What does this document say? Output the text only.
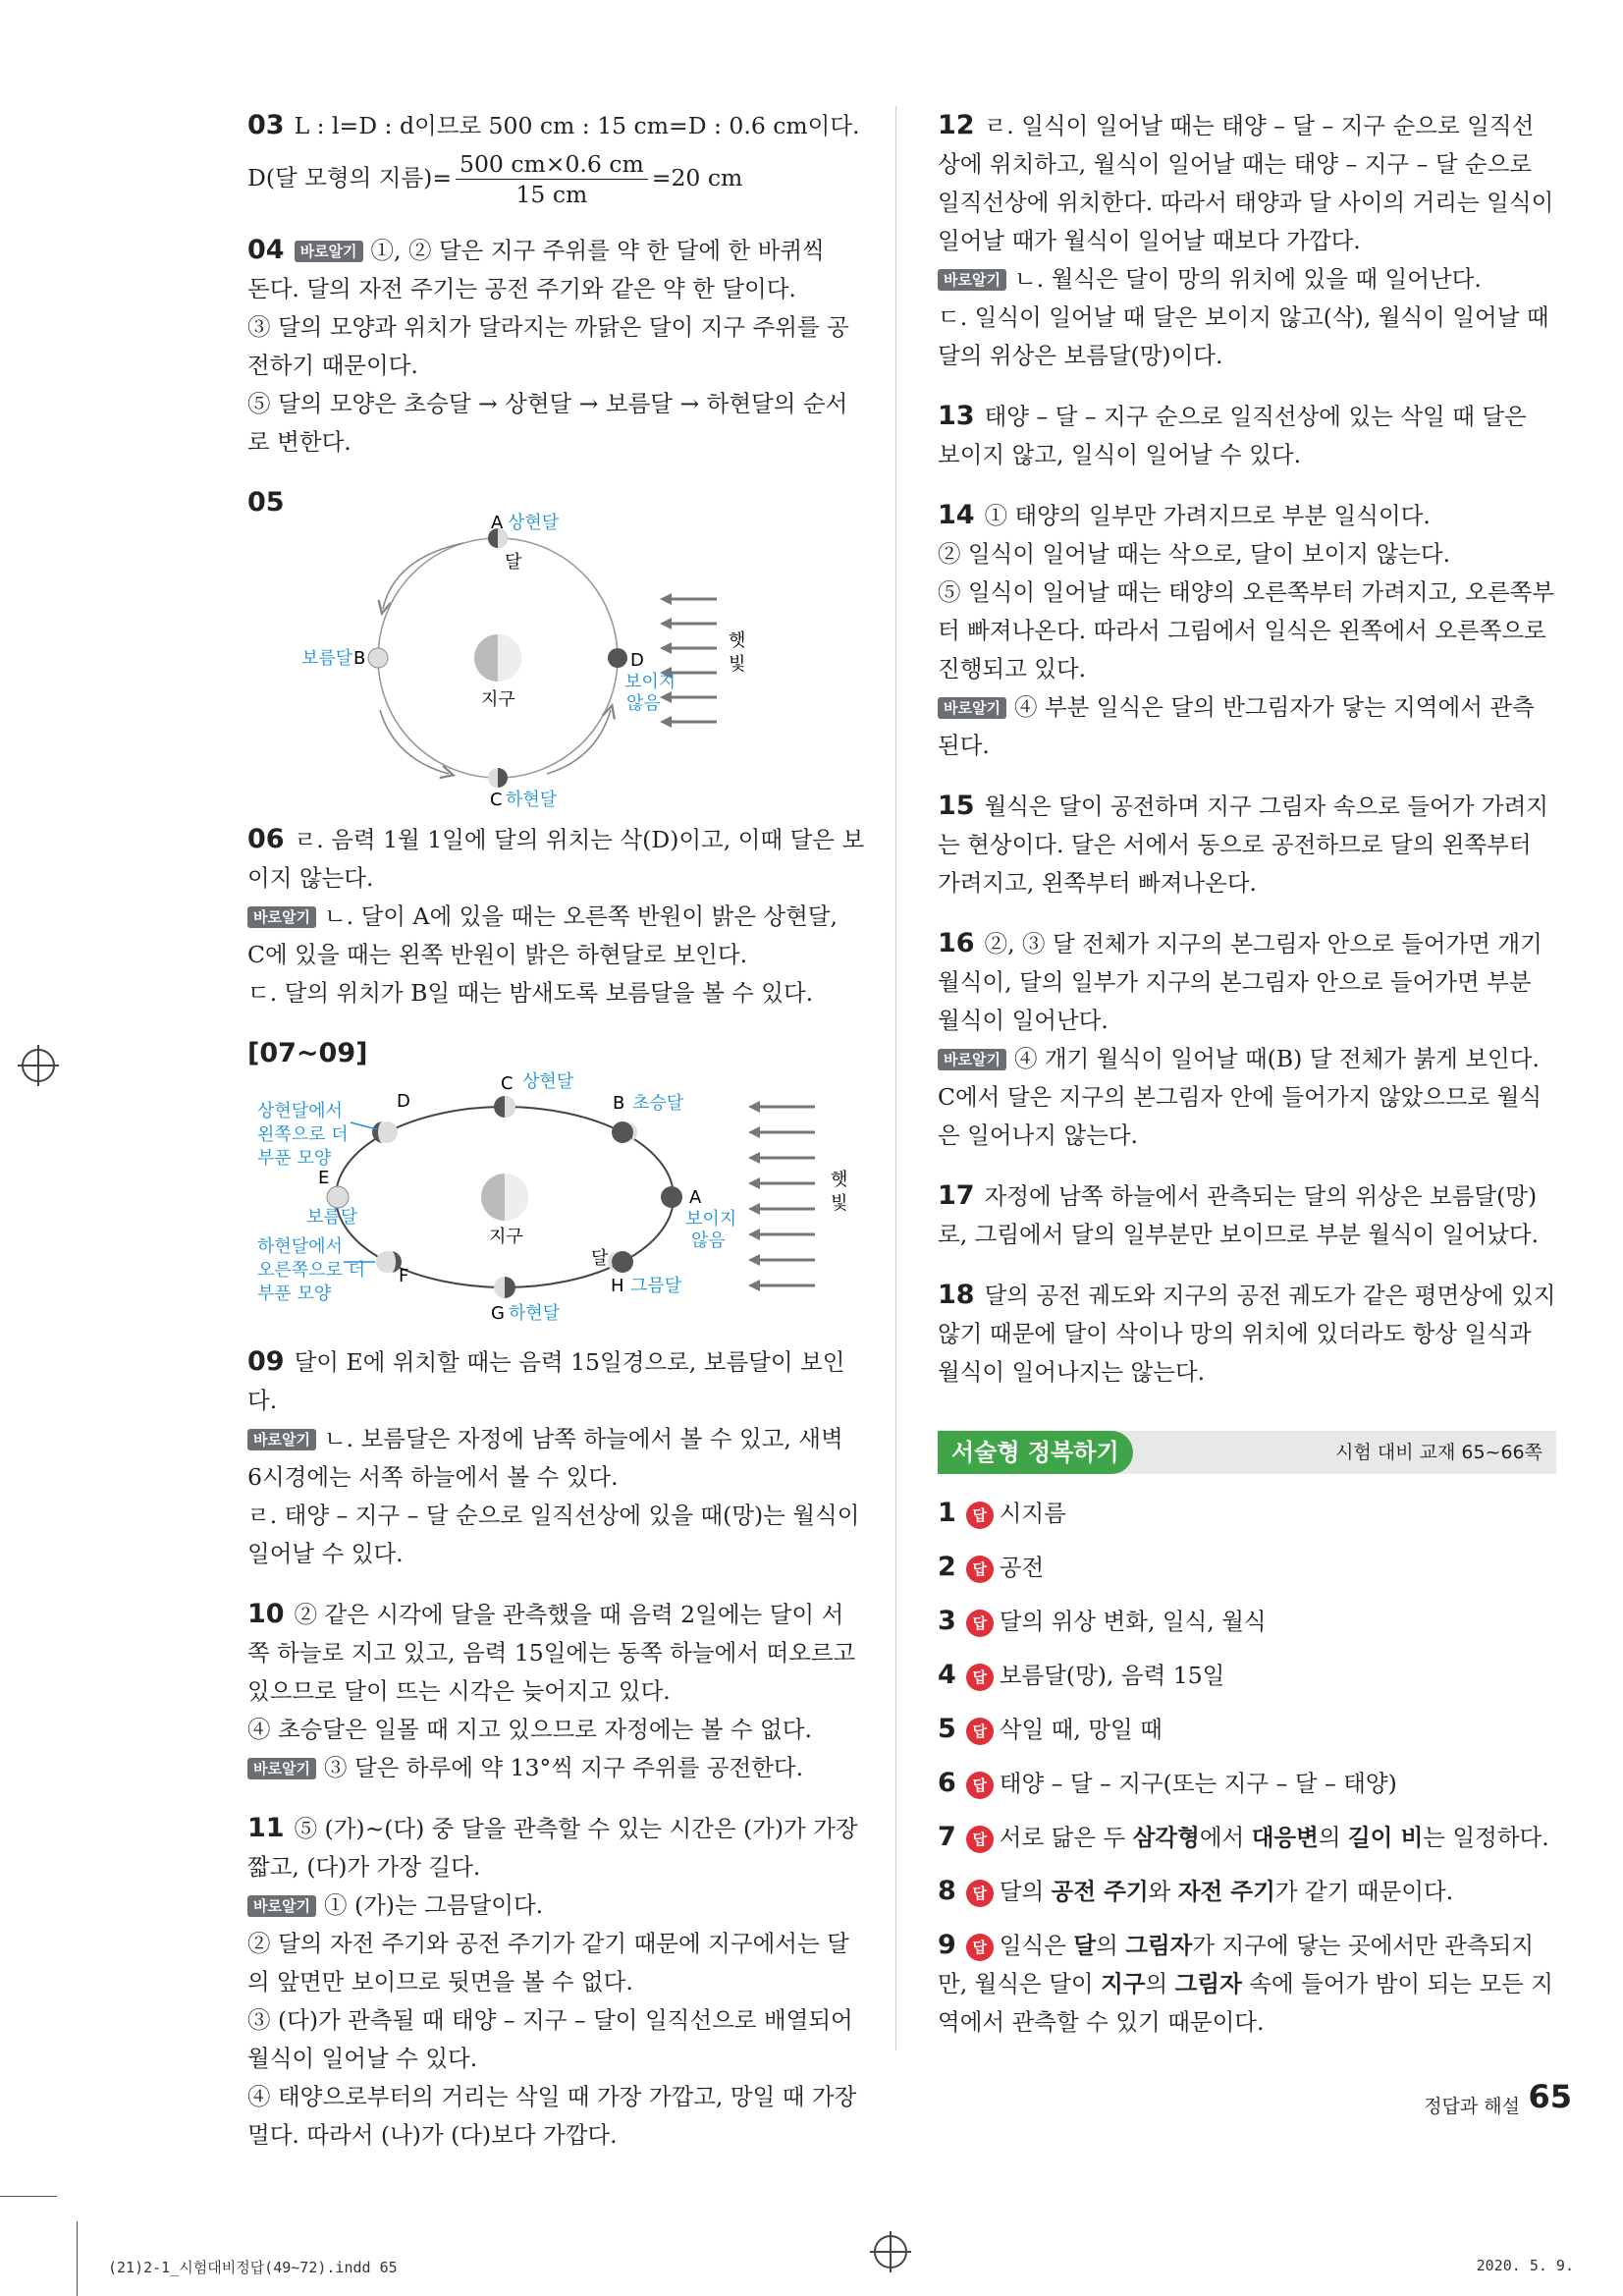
03 L : l=D : d이므로 500 cm : 15 cm=D : 0.6 cm이다.
D(달 모형의 지름)= $\frac{500 cm\times 0.6 cm}{15 cm} =20$ cm
04 바로알기 ①, ② 달은 지구 주위를 약 한 달에 한 바퀴씩
돈다. 달의 자전 주기는 공전 주기와 같은 약 한 달이다.
③ 달의 모양과 위치가 달라지는 까닭은 달이 지구 주위를 공
전하기 때문이다.
⑤ 달의 모양은 초승달 → 상현달 → 보름달 → 하현달의 순서
로 변한다.
05
A 상현달
달
보름달 B
지구
C 하현달
D
보이지
않음
햇
빛
06 ㄹ. 음력 1월 1일에 달의 위치는 삭(D)이고, 이때 달은 보
이지 않는다.
바로알기 ㄴ. 달이 A에 있을 때는 오른쪽 반원이 밝은 상현달,
C에 있을 때는 왼쪽 반원이 밝은 하현달로 보인다.
ㄷ. 달의 위치가 B일 때는 밤새도록 보름달을 볼 수 있다.
[07~09]
C 상현달
B 초승달
D
상현달에서
왼쪽으로 더
부푼 모양
E
보름달
하현달에서
오른쪽으로 더
부푼 모양
F
G 하현달
H 그믐달
달
지구
A
보이지
않음
햇
빛
09 달이 E에 위치할 때는 음력 15일경으로, 보름달이 보인다.
바로알기 ㄴ. 보름달은 자정에 남쪽 하늘에서 볼 수 있고, 새벽
6시경에는 서쪽 하늘에서 볼 수 있다.
ㄹ. 태양 – 지구 – 달 순으로 일직선상에 있을 때(망)는 월식이
일어날 수 있다.
10 ② 같은 시각에 달을 관측했을 때 음력 2일에는 달이 서
쪽 하늘로 지고 있고, 음력 15일에는 동쪽 하늘에서 떠오르고
있으므로 달이 뜨는 시각은 늦어지고 있다.
④ 초승달은 일몰 때 지고 있으므로 자정에는 볼 수 없다.
바로알기 ③ 달은 하루에 약 13°씩 지구 주위를 공전한다.
11 ⑤ (가)~(다) 중 달을 관측할 수 있는 시간은 (가)가 가장
짧고, (다)가 가장 길다.
바로알기 ① (가)는 그믐달이다.
② 달의 자전 주기와 공전 주기가 같기 때문에 지구에서는 달
의 앞면만 보이므로 뒷면을 볼 수 없다.
③ (다)가 관측될 때 태양 – 지구 – 달이 일직선으로 배열되어
월식이 일어날 수 있다.
④ 태양으로부터의 거리는 삭일 때 가장 가깝고, 망일 때 가장
멀다. 따라서 (나)가 (다)보다 가깝다.
12 ㄹ. 일식이 일어날 때는 태양 – 달 – 지구 순으로 일직선
상에 위치하고, 월식이 일어날 때는 태양 – 지구 – 달 순으로
일직선상에 위치한다. 따라서 태양과 달 사이의 거리는 일식이
일어날 때가 월식이 일어날 때보다 가깝다.
바로알기 ㄴ. 월식은 달이 망의 위치에 있을 때 일어난다.
ㄷ. 일식이 일어날 때 달은 보이지 않고(삭), 월식이 일어날 때
달의 위상은 보름달(망)이다.
13 태양 – 달 – 지구 순으로 일직선상에 있는 삭일 때 달은
보이지 않고, 일식이 일어날 수 있다.
14 ① 태양의 일부만 가려지므로 부분 일식이다.
② 일식이 일어날 때는 삭으로, 달이 보이지 않는다.
⑤ 일식이 일어날 때는 태양의 오른쪽부터 가려지고, 오른쪽부
터 빠져나온다. 따라서 그림에서 일식은 왼쪽에서 오른쪽으로
진행되고 있다.
바로알기 ④ 부분 일식은 달의 반그림자가 닿는 지역에서 관측
된다.
15 월식은 달이 공전하며 지구 그림자 속으로 들어가 가려지
는 현상이다. 달은 서에서 동으로 공전하므로 달의 왼쪽부터
가려지고, 왼쪽부터 빠져나온다.
16 ②, ③ 달 전체가 지구의 본그림자 안으로 들어가면 개기
월식이, 달의 일부가 지구의 본그림자 안으로 들어가면 부분
월식이 일어난다.
바로알기 ④ 개기 월식이 일어날 때(B) 달 전체가 붉게 보인다.
C에서 달은 지구의 본그림자 안에 들어가지 않았으므로 월식
은 일어나지 않는다.
17 자정에 남쪽 하늘에서 관측되는 달의 위상은 보름달(망)
로, 그림에서 달의 일부분만 보이므로 부분 월식이 일어났다.
18 달의 공전 궤도와 지구의 공전 궤도가 같은 평면상에 있지
않기 때문에 달이 삭이나 망의 위치에 있더라도 항상 일식과
월식이 일어나지는 않는다.
서술형 정복하기	시험 대비 교재 65~66쪽
1 답 시지름
2 답 공전
3 답 달의 위상 변화, 일식, 월식
4 답 보름달(망), 음력 15일
5 답 삭일 때, 망일 때
6 답 태양 – 달 – 지구(또는 지구 – 달 – 태양)
7 답 서로 닮은 두 삼각형에서 대응변의 길이 비는 일정하다.
8 답 달의 공전 주기와 자전 주기가 같기 때문이다.
9 답 일식은 달의 그림자가 지구에 닿는 곳에서만 관측되지
만, 월식은 달이 지구의 그림자 속에 들어가 밤이 되는 모든 지
역에서 관측할 수 있기 때문이다.
정답과 해설 65
(21)2-1_시험대비정답(49~72).indd 65	2020. 5. 9.
